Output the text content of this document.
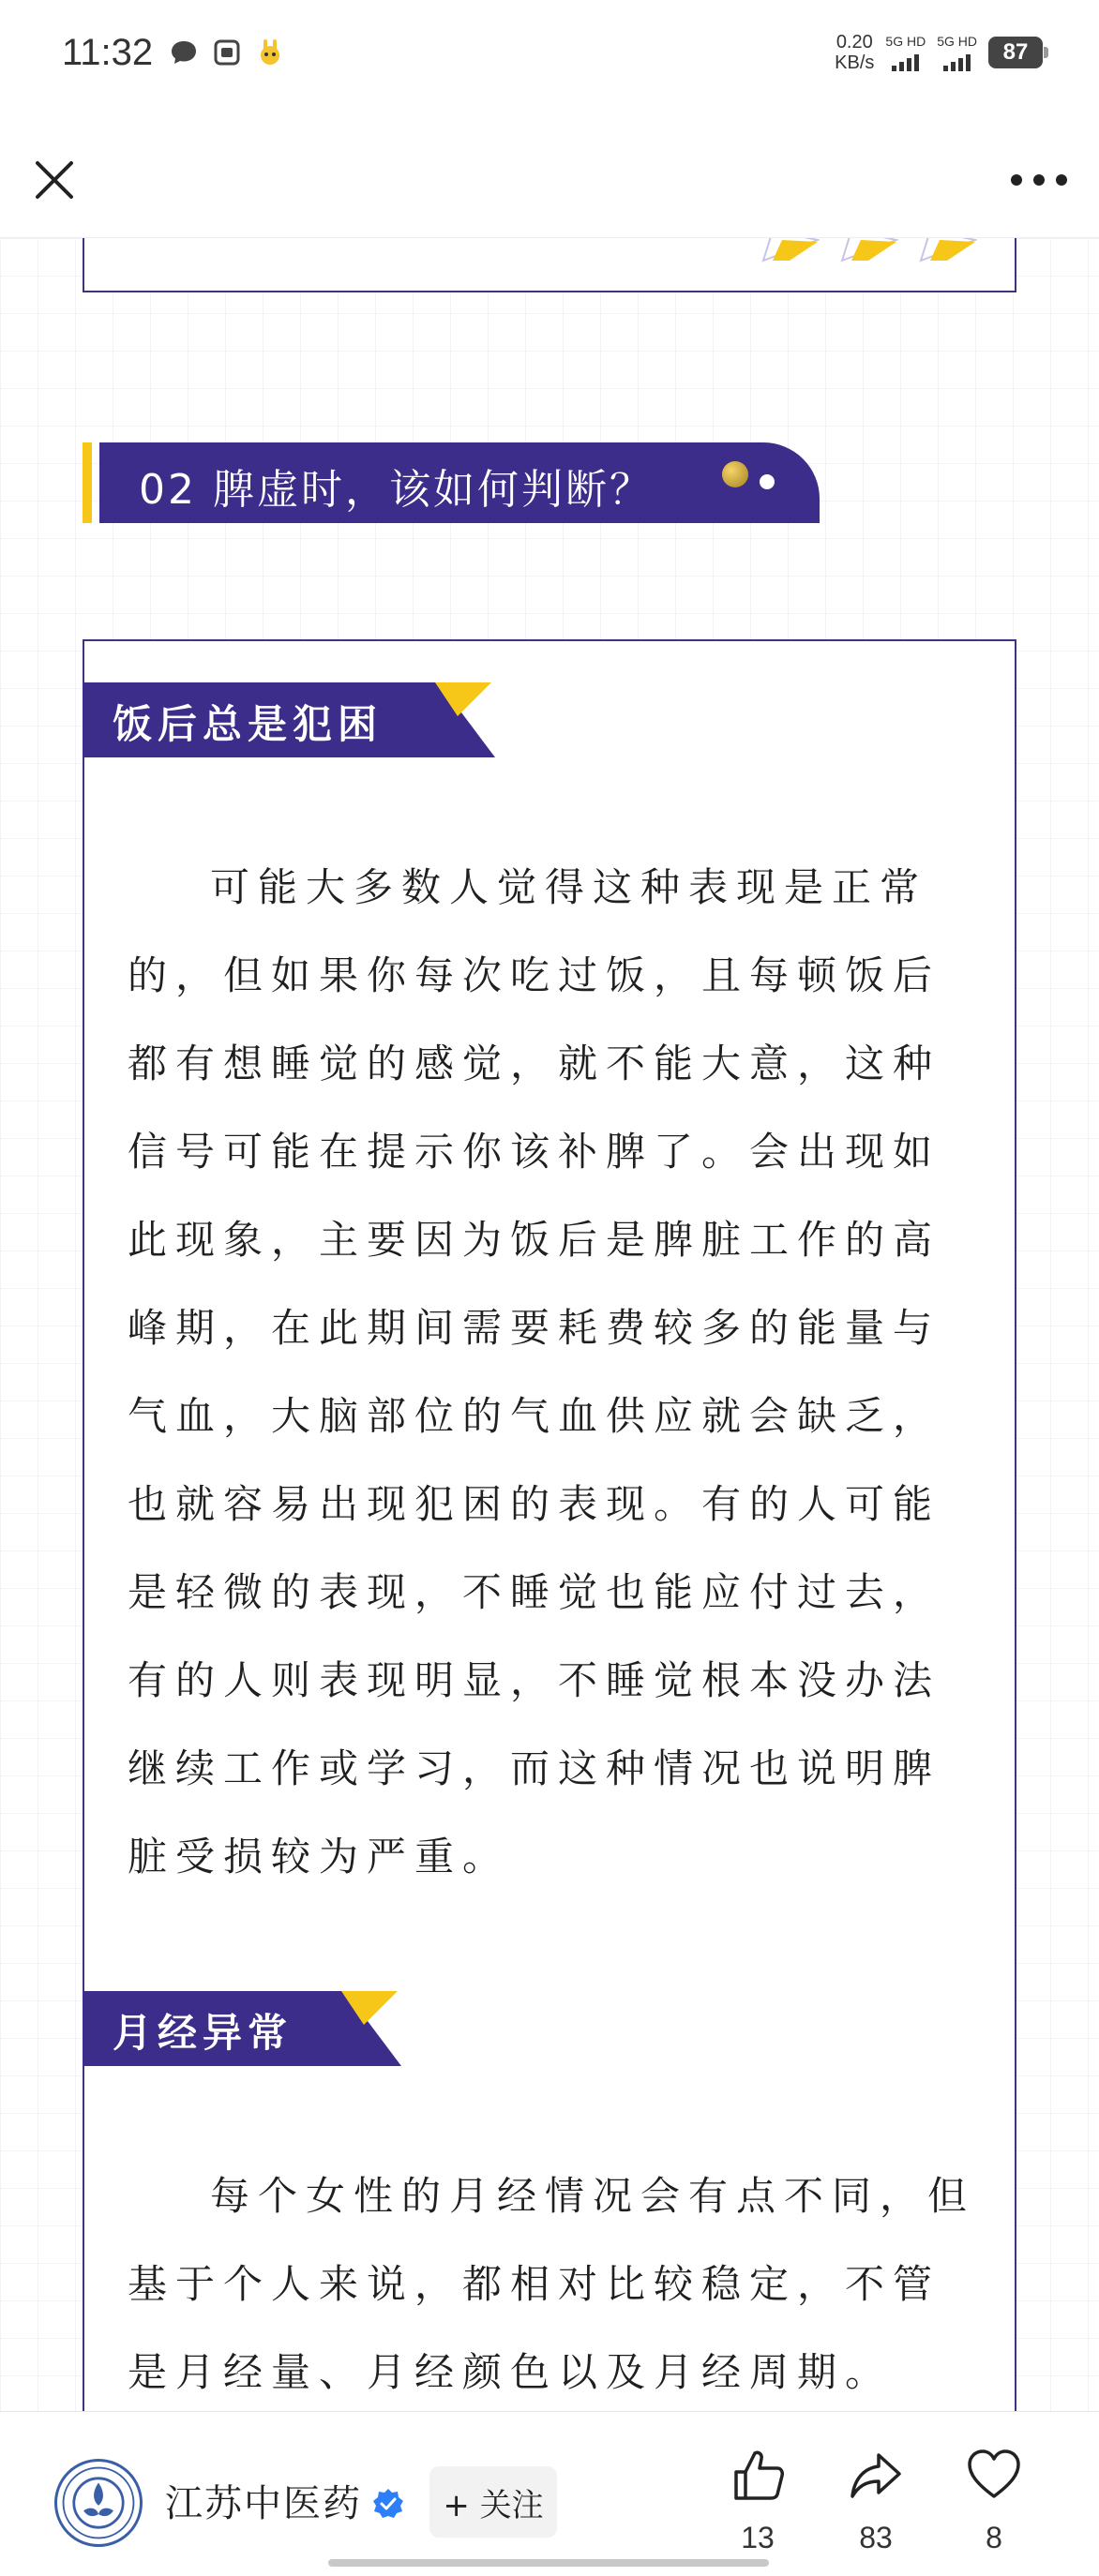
11:32	0.20
KB/s
5G HD 5G HD	87
02 脾虚时，该如何判断？
饭后总是犯困

可能大多数人觉得这种表现是正常的，但如果你每次吃过饭，且每顿饭后都有想睡觉的感觉，就不能大意，这种信号可能在提示你该补脾了。会出现如此现象，主要因为饭后是脾脏工作的高峰期，在此期间需要耗费较多的能量与气血，大脑部位的气血供应就会缺乏，也就容易出现犯困的表现。有的人可能是轻微的表现，不睡觉也能应付过去，有的人则表现明显，不睡觉根本没办法继续工作或学习，而这种情况也说明脾脏受损较为严重。

月经异常

每个女性的月经情况会有点不同，但基于个人来说，都相对比较稳定，不管是月经量、月经颜色以及月经周期。

江苏中医药	+ 关注
13	83	8
